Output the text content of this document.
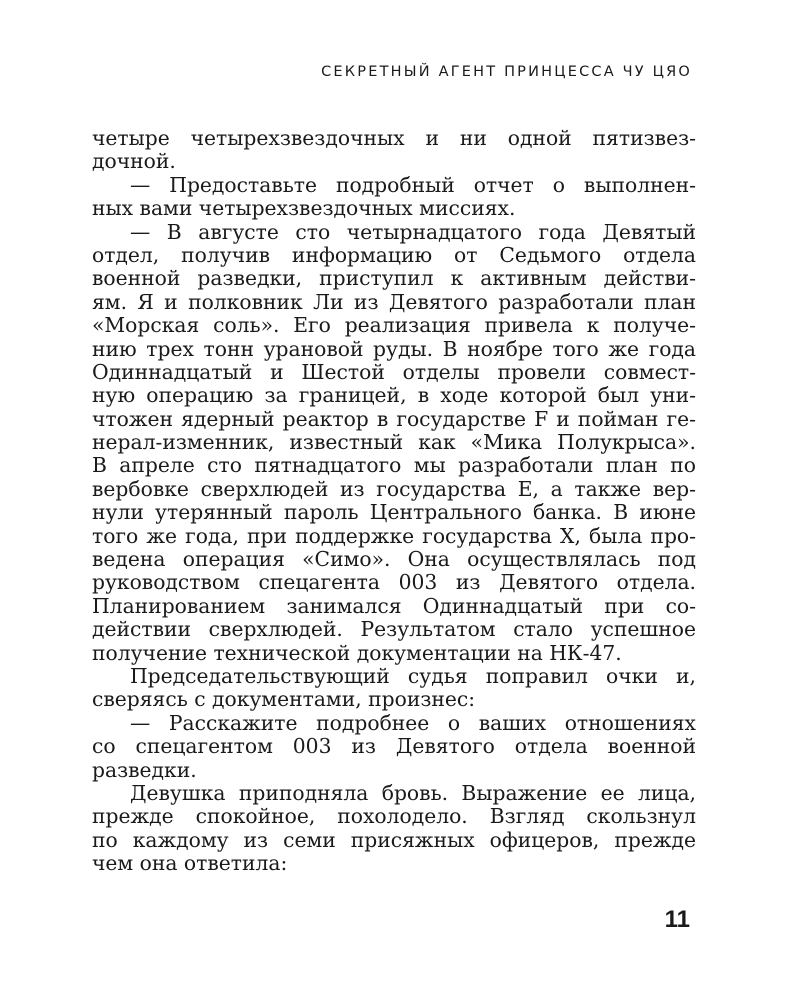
СЕКРЕТНЫЙ АГЕНТ ПРИНЦЕССА ЧУ ЦЯО
четыре четырехзвездочных и ни одной пятизвез-
дочной.
— Предоставьте подробный отчет о выполнен-
ных вами четырехзвездочных миссиях.
— В августе сто четырнадцатого года Девятый
отдел, получив информацию от Седьмого отдела
военной разведки, приступил к активным действи-
ям. Я и полковник Ли из Девятого разработали план
«Морская соль». Его реализация привела к получе-
нию трех тонн урановой руды. В ноябре того же года
Одиннадцатый и Шестой отделы провели совмест-
ную операцию за границей, в ходе которой был уни-
чтожен ядерный реактор в государстве F и пойман ге-
нерал-изменник, известный как «Мика Полукрыса».
В апреле сто пятнадцатого мы разработали план по
вербовке сверхлюдей из государства E, а также вер-
нули утерянный пароль Центрального банка. В июне
того же года, при поддержке государства X, была про-
ведена операция «Симо». Она осуществлялась под
руководством спецагента 003 из Девятого отдела.
Планированием занимался Одиннадцатый при со-
действии сверхлюдей. Результатом стало успешное
получение технической документации на НК-47.
Председательствующий судья поправил очки и,
сверяясь с документами, произнес:
— Расскажите подробнее о ваших отношениях
со спецагентом 003 из Девятого отдела военной
разведки.
Девушка приподняла бровь. Выражение ее лица,
прежде спокойное, похолодело. Взгляд скользнул
по каждому из семи присяжных офицеров, прежде
чем она ответила:
11
